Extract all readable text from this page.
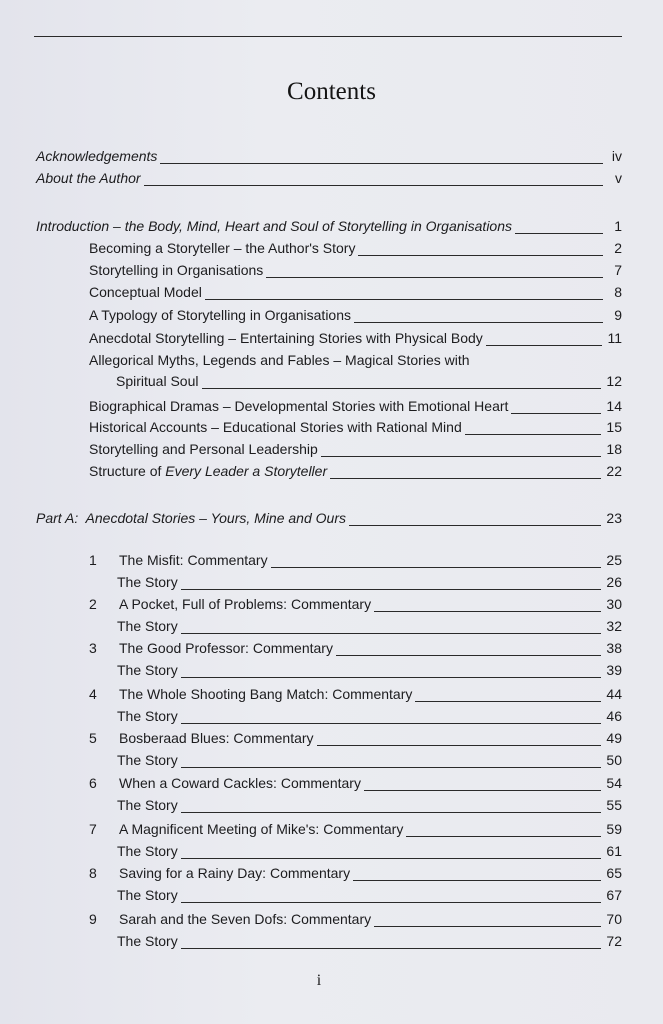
Contents
Acknowledgements	iv
About the Author	v
Introduction – the Body, Mind, Heart and Soul of Storytelling in Organisations	1
Becoming a Storyteller – the Author's Story	2
Storytelling in Organisations	7
Conceptual Model	8
A Typology of Storytelling in Organisations	9
Anecdotal Storytelling – Entertaining Stories with Physical Body	11
Allegorical Myths, Legends and Fables – Magical Stories with
Spiritual Soul	12
Biographical Dramas – Developmental Stories with Emotional Heart	14
Historical Accounts – Educational Stories with Rational Mind	15
Storytelling and Personal Leadership	18
Structure of Every Leader a Storyteller	22
Part A:  Anecdotal Stories – Yours, Mine and Ours	23
1 The Misfit: Commentary	25
The Story	26
2 A Pocket, Full of Problems: Commentary	30
The Story	32
3 The Good Professor: Commentary	38
The Story	39
4 The Whole Shooting Bang Match: Commentary	44
The Story	46
5 Bosberaad Blues: Commentary	49
The Story	50
6 When a Coward Cackles: Commentary	54
The Story	55
7 A Magnificent Meeting of Mike's: Commentary	59
The Story	61
8 Saving for a Rainy Day: Commentary	65
The Story	67
9 Sarah and the Seven Dofs: Commentary	70
The Story	72
i
